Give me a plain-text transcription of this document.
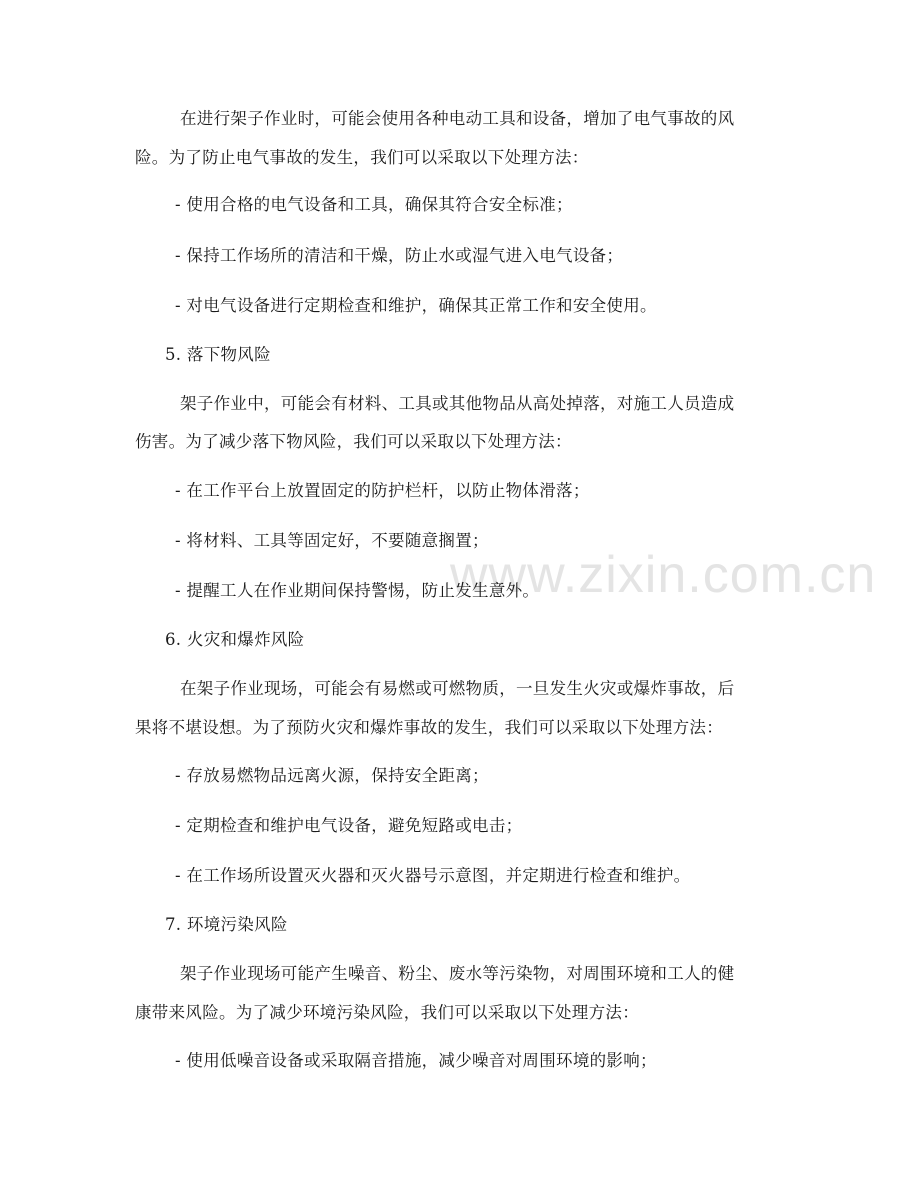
www.zixin.com.cn
在进行架子作业时，可能会使用各种电动工具和设备，增加了电气事故的风
险。为了防止电气事故的发生，我们可以采取以下处理方法：
- 使用合格的电气设备和工具，确保其符合安全标准；
- 保持工作场所的清洁和干燥，防止水或湿气进入电气设备；
- 对电气设备进行定期检查和维护，确保其正常工作和安全使用。
5. 落下物风险
架子作业中，可能会有材料、工具或其他物品从高处掉落，对施工人员造成
伤害。为了减少落下物风险，我们可以采取以下处理方法：
- 在工作平台上放置固定的防护栏杆，以防止物体滑落；
- 将材料、工具等固定好，不要随意搁置；
- 提醒工人在作业期间保持警惕，防止发生意外。
6. 火灾和爆炸风险
在架子作业现场，可能会有易燃或可燃物质，一旦发生火灾或爆炸事故，后
果将不堪设想。为了预防火灾和爆炸事故的发生，我们可以采取以下处理方法：
- 存放易燃物品远离火源，保持安全距离；
- 定期检查和维护电气设备，避免短路或电击；
- 在工作场所设置灭火器和灭火器号示意图，并定期进行检查和维护。
7. 环境污染风险
架子作业现场可能产生噪音、粉尘、废水等污染物，对周围环境和工人的健
康带来风险。为了减少环境污染风险，我们可以采取以下处理方法：
- 使用低噪音设备或采取隔音措施，减少噪音对周围环境的影响；
